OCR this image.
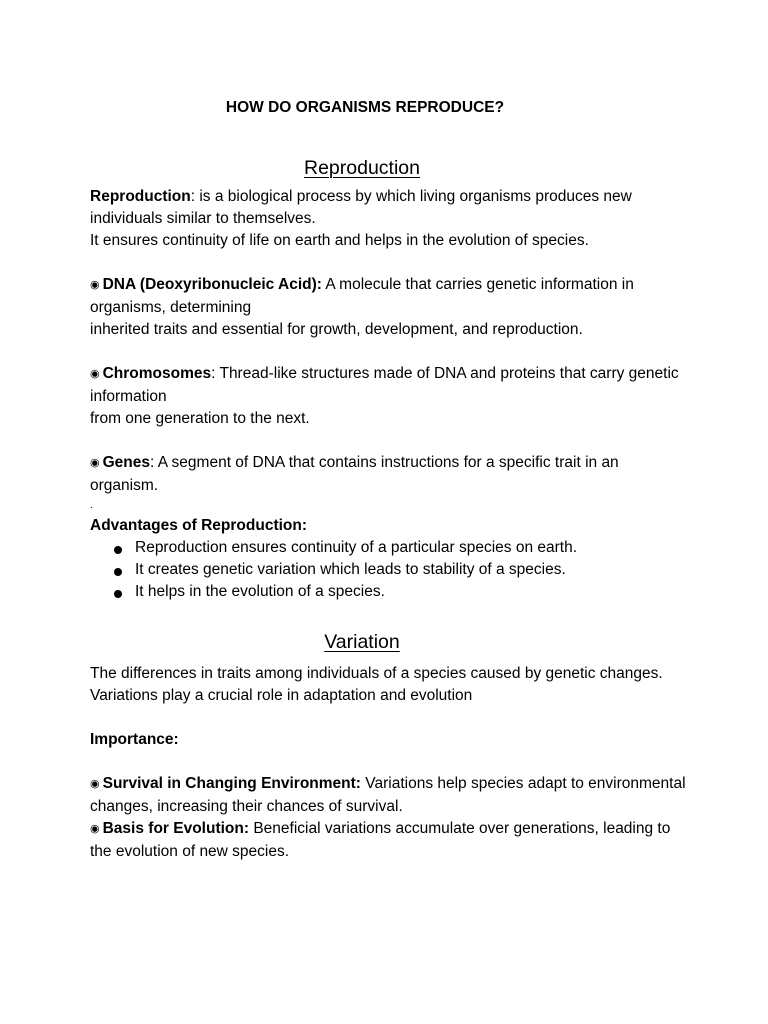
HOW DO ORGANISMS REPRODUCE?
Reproduction

Reproduction: is a biological process by which living organisms produces new individuals similar to themselves.

It ensures continuity of life on earth and helps in the evolution of species.

◉ DNA (Deoxyribonucleic Acid): A molecule that carries genetic information in organisms, determining

inherited traits and essential for growth, development, and reproduction.

◉ Chromosomes: Thread-like structures made of DNA and proteins that carry genetic information

from one generation to the next.

◉ Genes: A segment of DNA that contains instructions for a specific trait in an organism.

.

Advantages of Reproduction:

Reproduction ensures continuity of a particular species on earth.
It creates genetic variation which leads to stability of a species.
It helps in the evolution of a species.
Variation

The differences in traits among individuals of a species caused by genetic changes. Variations play a crucial role in adaptation and evolution

Importance:

◉ Survival in Changing Environment: Variations help species adapt to environmental changes, increasing their chances of survival.

◉ Basis for Evolution: Beneficial variations accumulate over generations, leading to the evolution of new species.
